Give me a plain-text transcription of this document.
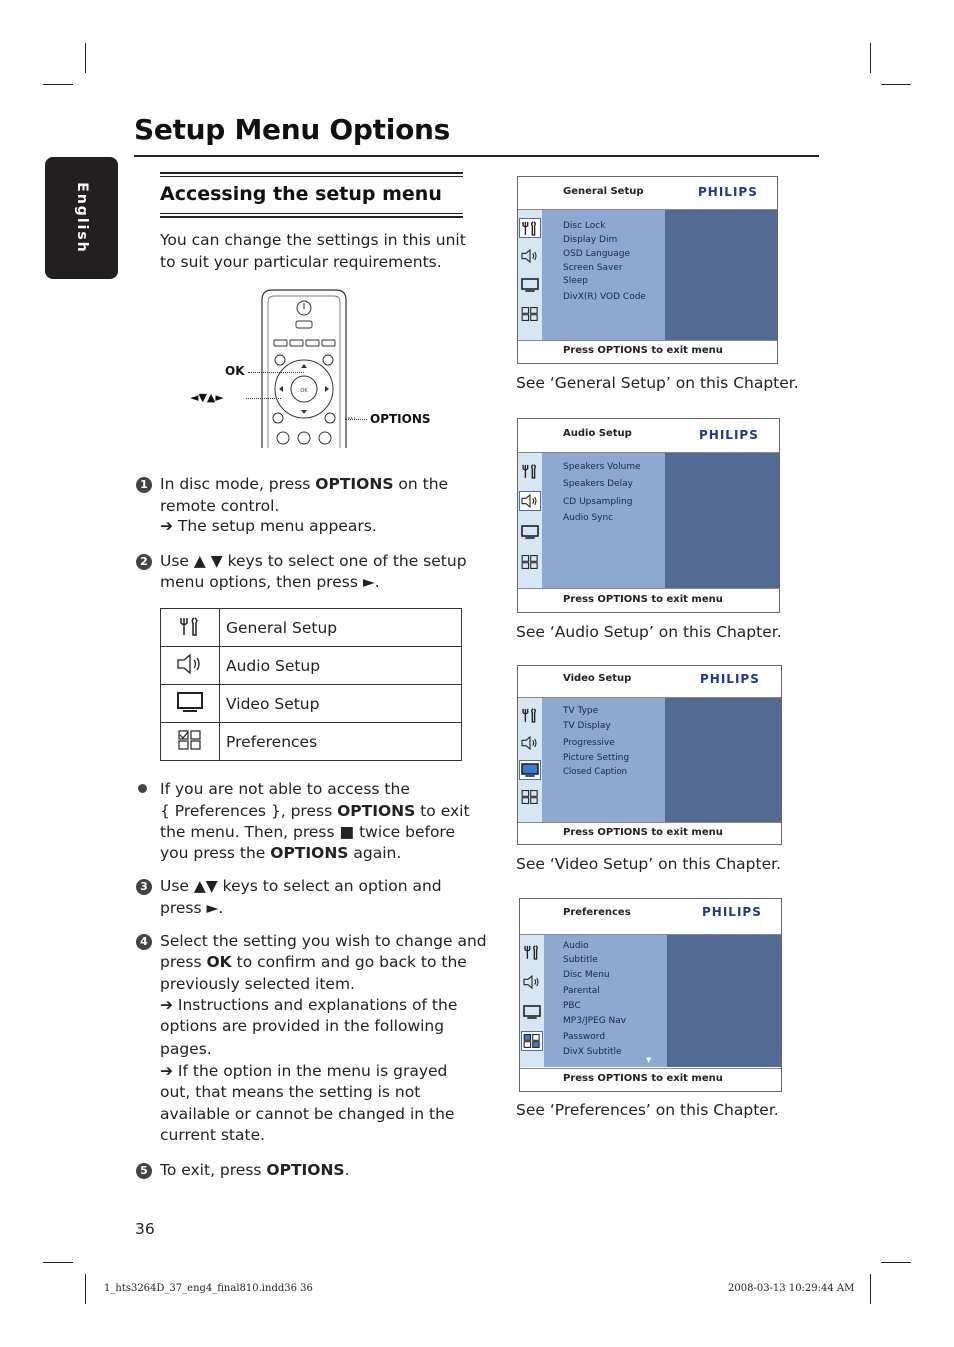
Setup Menu Options
English	Accessing the setup menu
You can change the settings in this unit to suit your particular requirements.
OK
OK
◄▼▲►
OPTIONS
1 In disc mode, press OPTIONS on the remote control.
➔ The setup menu appears.
2 Use ▲ ▼ keys to select one of the setup
menu options, then press ►.
	General Setup
	Audio Setup
	Video Setup
	Preferences
If you are not able to access the
{ Preferences }, press OPTIONS to exit
the menu. Then, press ■ twice before
you press the OPTIONS again.
3 Use ▲▼ keys to select an option and
press ►.
4 Select the setting you wish to change and
press OK to confirm and go back to the
previously selected item.
➔ Instructions and explanations of the
options are provided in the following
pages.
➔ If the option in the menu is grayed
out, that means the setting is not
available or cannot be changed in the
current state.
5 To exit, press OPTIONS.
36
1_hts3264D_37_eng4_final810.indd36 36	2008-03-13 10:29:44 AM
General Setup	PHILIPS
Disc Lock
Display Dim
OSD Language
Screen Saver
Sleep
DivX(R) VOD Code
Press OPTIONS to exit menu
See ‘General Setup’ on this Chapter.
Audio Setup	PHILIPS
Speakers Volume
Speakers Delay
CD Upsampling
Audio Sync
Press OPTIONS to exit menu
See ‘Audio Setup’ on this Chapter.
Video Setup	PHILIPS
TV Type
TV Display
Progressive
Picture Setting
Closed Caption
Press OPTIONS to exit menu
See ‘Video Setup’ on this Chapter.
Preferences	PHILIPS
Audio
Subtitle
Disc Menu
Parental
PBC
MP3/JPEG Nav
Password
DivX Subtitle
▼
Press OPTIONS to exit menu
See ‘Preferences’ on this Chapter.
